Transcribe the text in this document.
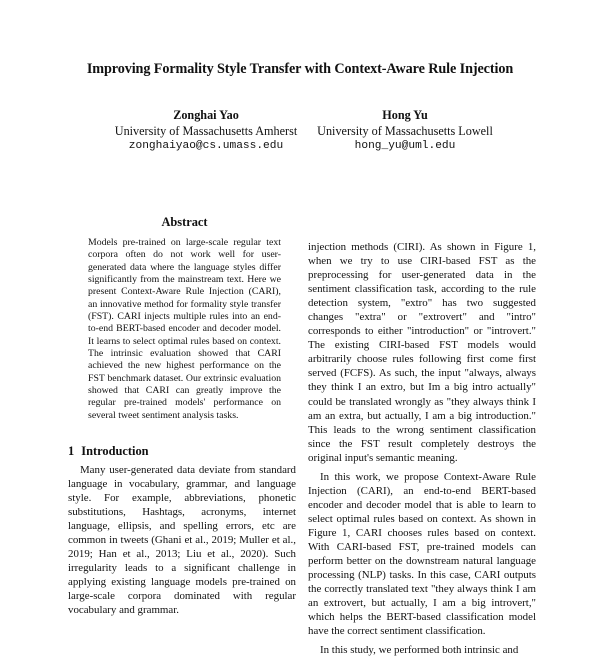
Improving Formality Style Transfer with Context-Aware Rule Injection
Zonghai Yao
University of Massachusetts Amherst
zonghaiyao@cs.umass.edu
Hong Yu
University of Massachusetts Lowell
hong_yu@uml.edu
Abstract
Models pre-trained on large-scale regular text corpora often do not work well for user-generated data where the language styles differ significantly from the mainstream text. Here we present Context-Aware Rule Injection (CARI), an innovative method for formality style transfer (FST). CARI injects multiple rules into an end-to-end BERT-based encoder and decoder model. It learns to select optimal rules based on context. The intrinsic evaluation showed that CARI achieved the new highest performance on the FST benchmark dataset. Our extrinsic evaluation showed that CARI can greatly improve the regular pre-trained models' performance on several tweet sentiment analysis tasks.
1 Introduction
Many user-generated data deviate from standard language in vocabulary, grammar, and language style. For example, abbreviations, phonetic substitutions, Hashtags, acronyms, internet language, ellipsis, and spelling errors, etc are common in tweets (Ghani et al., 2019; Muller et al., 2019; Han et al., 2013; Liu et al., 2020). Such irregularity leads to a significant challenge in applying existing language models pre-trained on large-scale corpora dominated with regular vocabulary and grammar.

injection methods (CIRI). As shown in Figure 1, when we try to use CIRI-based FST as the preprocessing for user-generated data in the sentiment classification task, according to the rule detection system, "extro" has two suggested changes "extra" or "extrovert" and "intro" corresponds to either "introduction" or "introvert." The existing CIRI-based FST models would arbitrarily choose rules following first come first served (FCFS). As such, the input "always, always they think I an extro, but Im a big intro actually" could be translated wrongly as "they always think I am an extra, but actually, I am a big introduction." This leads to the wrong sentiment classification since the FST result completely destroys the original input's semantic meaning.

In this work, we propose Context-Aware Rule Injection (CARI), an end-to-end BERT-based encoder and decoder model that is able to learn to select optimal rules based on context. As shown in Figure 1, CARI chooses rules based on context. With CARI-based FST, pre-trained models can perform better on the downstream natural language processing (NLP) tasks. In this case, CARI outputs the correctly translated text "they always think I am an extrovert, but actually, I am a big introvert," which helps the BERT-based classification model have the correct sentiment classification.

In this study, we performed both intrinsic and
